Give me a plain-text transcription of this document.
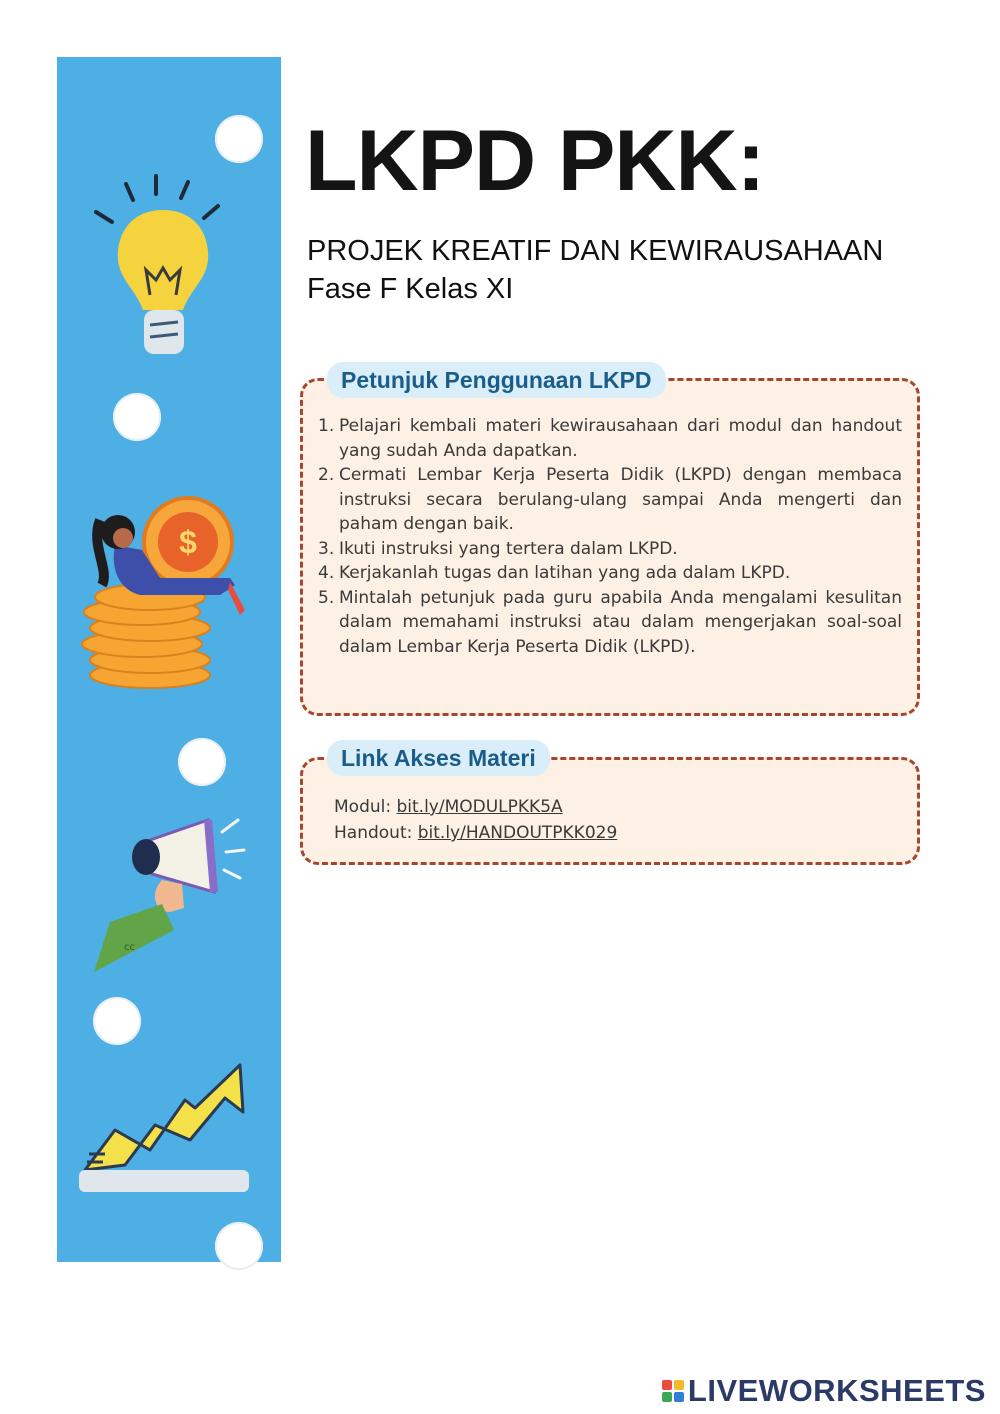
$
cc
LKPD PKK:
PROJEK KREATIF DAN KEWIRAUSAHAAN
Fase F Kelas XI
Petunjuk Penggunaan LKPD
1. Pelajari kembali materi kewirausahaan dari modul dan handout yang sudah Anda dapatkan.
2. Cermati Lembar Kerja Peserta Didik (LKPD) dengan membaca instruksi secara berulang-ulang sampai Anda mengerti dan paham dengan baik.
3. Ikuti instruksi yang tertera dalam LKPD.
4. Kerjakanlah tugas dan latihan yang ada dalam LKPD.
5. Mintalah petunjuk pada guru apabila Anda mengalami kesulitan dalam memahami instruksi atau dalam mengerjakan soal-soal dalam Lembar Kerja Peserta Didik (LKPD).
Link Akses Materi
Modul: bit.ly/MODULPKK5A
Handout: bit.ly/HANDOUTPKK029
LIVEWORKSHEETS
